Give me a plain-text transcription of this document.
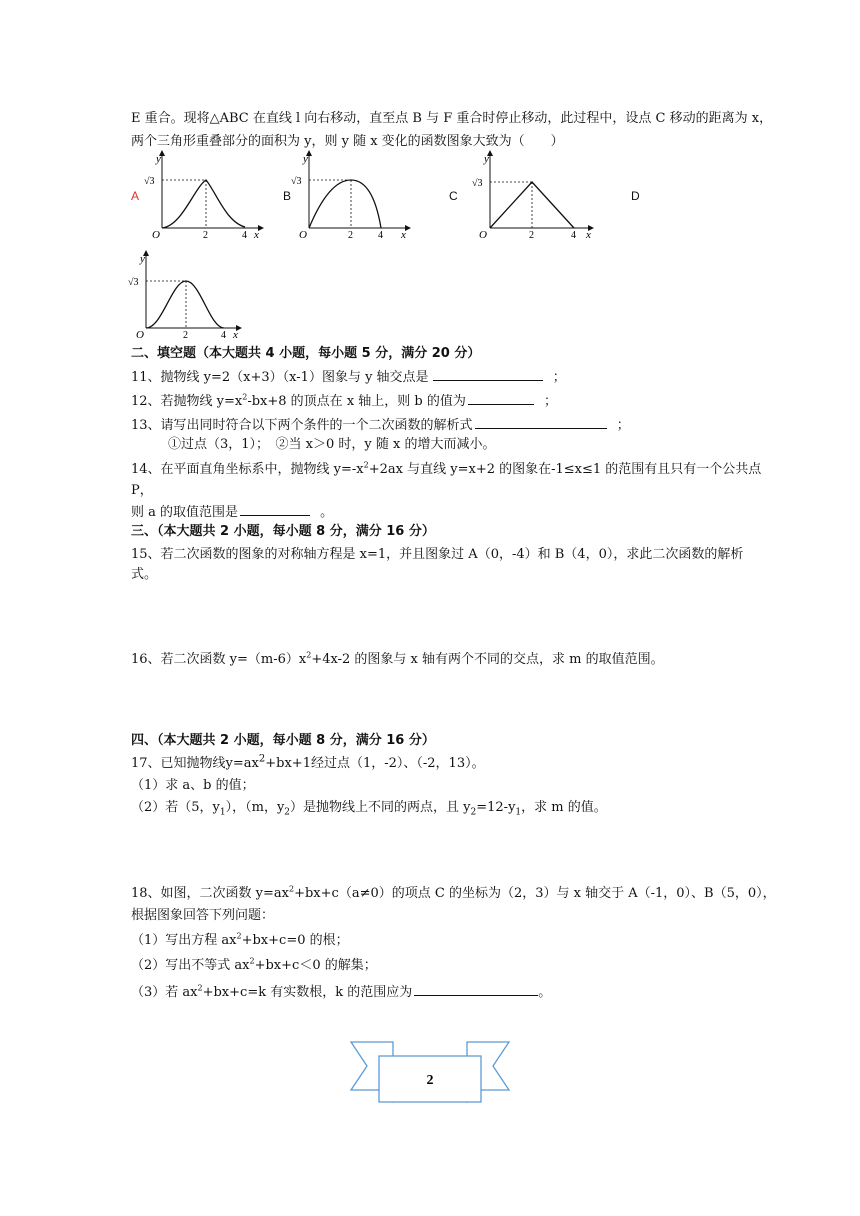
E 重合。现将△ABC 在直线 l 向右移动，直至点 B 与 F 重合时停止移动，此过程中，设点 C 移动的距离为 x，
两个三角形重叠部分的面积为 y，则 y 随 x 变化的函数图象大致为（　　）
A	B	C	D
y
x
O	2	4
√3
y
x
O	2	4
√3
y
x
O	2	4
√3
y
x
O	2	4
√3
二、填空题（本大题共 4 小题，每小题 5 分，满分 20 分）
11、抛物线 y=2（x+3）（x-1）图象与 y 轴交点是	；
12、若抛物线 $y=x^2-bx+8$ 的顶点在 x 轴上，则 b 的值为	；
13、请写出同时符合以下两个条件的一个二次函数的解析式	；
①过点（3，1）；　②当 x＞0 时，y 随 x 的增大而减小。
14、在平面直角坐标系中，抛物线 $y=-x^2+2ax$ 与直线 y=x+2 的图象在-1≤x≤1 的范围有且只有一个公共点
P，
则 a 的取值范围是	。
三、（本大题共 2 小题，每小题 8 分，满分 16 分）
15、若二次函数的图象的对称轴方程是 x=1，并且图象过 A（0，-4）和 B（4，0），求此二次函数的解析
式。
16、若二次函数 $y=(m-6)x^2+4x-2$ 的图象与 x 轴有两个不同的交点，求 m 的取值范围。
四、（本大题共 2 小题，每小题 8 分，满分 16 分）
17、已知抛物线$y=ax^2+bx+1$经过点（1，-2）、（-2，13）。
（1）求 a、b 的值；
（2）若（5，$y_1$），（m，$y_2$）是抛物线上不同的两点，且 $y_2=12-y_1$，求 m 的值。
18、如图，二次函数 $y=ax^2+bx+c(a\ne 0)$的项点 C 的坐标为（2，3）与 x 轴交于 A（-1，0）、B（5，0），
根据图象回答下列问题：
（1）写出方程 $ax^2+bx+c=0$ 的根；
（2）写出不等式 $ax^2+bx+c<0$ 的解集；
（3）若 $ax^2+bx+c=k$ 有实数根，k 的范围应为	。
2
